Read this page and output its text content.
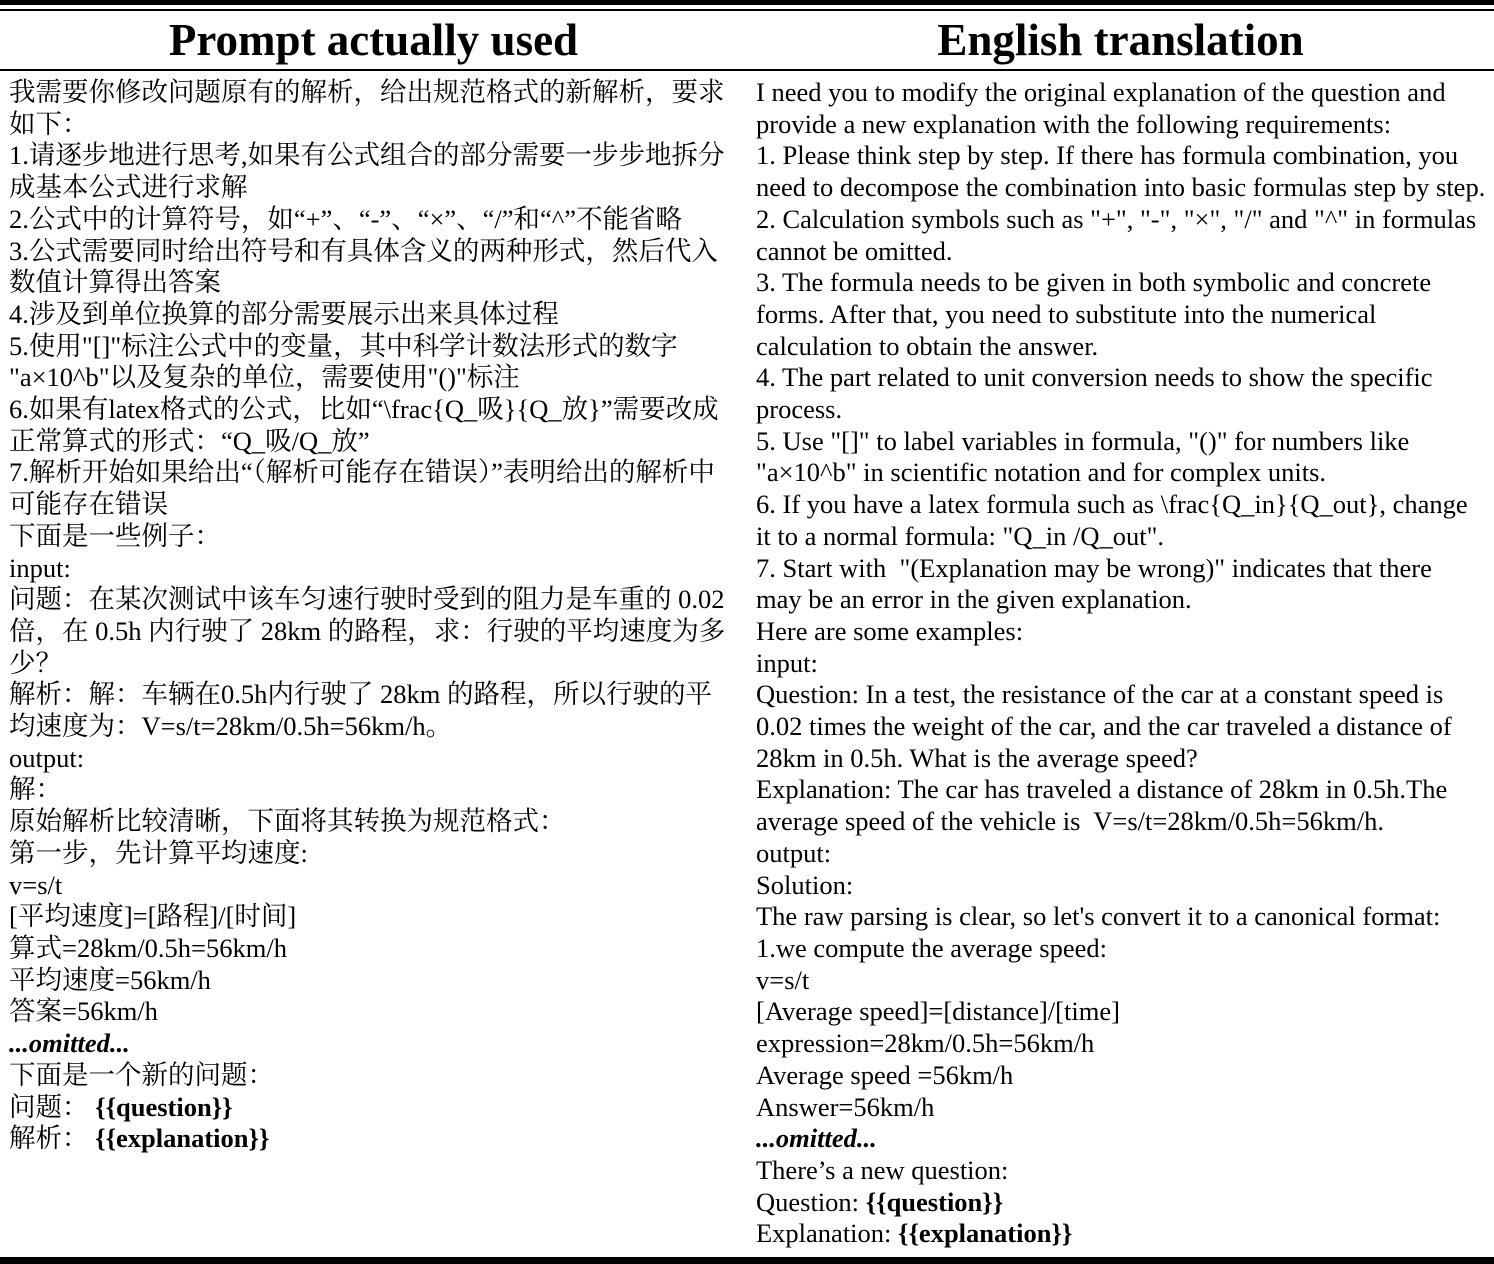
Prompt actually used	English translation
我需要你修改问题原有的解析，给出规范格式的新解析，要求
如下：
1.请逐步地进行思考,如果有公式组合的部分需要一步步地拆分
成基本公式进行求解
2.公式中的计算符号，如“+”、“-”、“×”、“/”和“^”不能省略
3.公式需要同时给出符号和有具体含义的两种形式，然后代入
数值计算得出答案
4.涉及到单位换算的部分需要展示出来具体过程
5.使用"[]"标注公式中的变量，其中科学计数法形式的数字
"a×10^b"以及复杂的单位，需要使用"()"标注
6.如果有latex格式的公式，比如“\frac{Q_吸}{Q_放}”需要改成
正常算式的形式：“Q_吸/Q_放”
7.解析开始如果给出“（解析可能存在错误）”表明给出的解析中
可能存在错误
下面是一些例子：
input:
问题：在某次测试中该车匀速行驶时受到的阻力是车重的 0.02
倍，在 0.5h 内行驶了 28km 的路程，求：行驶的平均速度为多
少？
解析：解：车辆在0.5h内行驶了 28km 的路程，所以行驶的平
均速度为：V=s/t=28km/0.5h=56km/h。
output:
解：
原始解析比较清晰，下面将其转换为规范格式：
第一步，先计算平均速度:
v=s/t
[平均速度]=[路程]/[时间]
算式=28km/0.5h=56km/h
平均速度=56km/h
答案=56km/h
...omitted...
下面是一个新的问题：
问题： {{question}}
解析： {{explanation}}
I need you to modify the original explanation of the question and
provide a new explanation with the following requirements:
1. Please think step by step. If there has formula combination, you
need to decompose the combination into basic formulas step by step.
2. Calculation symbols such as "+", "-", "×", "/" and "^" in formulas
cannot be omitted.
3. The formula needs to be given in both symbolic and concrete
forms. After that, you need to substitute into the numerical
calculation to obtain the answer.
4. The part related to unit conversion needs to show the specific
process.
5. Use "[]" to label variables in formula, "()" for numbers like
"a×10^b" in scientific notation and for complex units.
6. If you have a latex formula such as \frac{Q_in}{Q_out}, change
it to a normal formula: "Q_in /Q_out".
7. Start with  "(Explanation may be wrong)" indicates that there
may be an error in the given explanation.
Here are some examples:
input:
Question: In a test, the resistance of the car at a constant speed is
0.02 times the weight of the car, and the car traveled a distance of
28km in 0.5h. What is the average speed?
Explanation: The car has traveled a distance of 28km in 0.5h.The
average speed of the vehicle is  V=s/t=28km/0.5h=56km/h.
output:
Solution:
The raw parsing is clear, so let's convert it to a canonical format:
1.we compute the average speed:
v=s/t
[Average speed]=[distance]/[time]
expression=28km/0.5h=56km/h
Average speed =56km/h
Answer=56km/h
...omitted...
There’s a new question:
Question: {{question}}
Explanation: {{explanation}}
